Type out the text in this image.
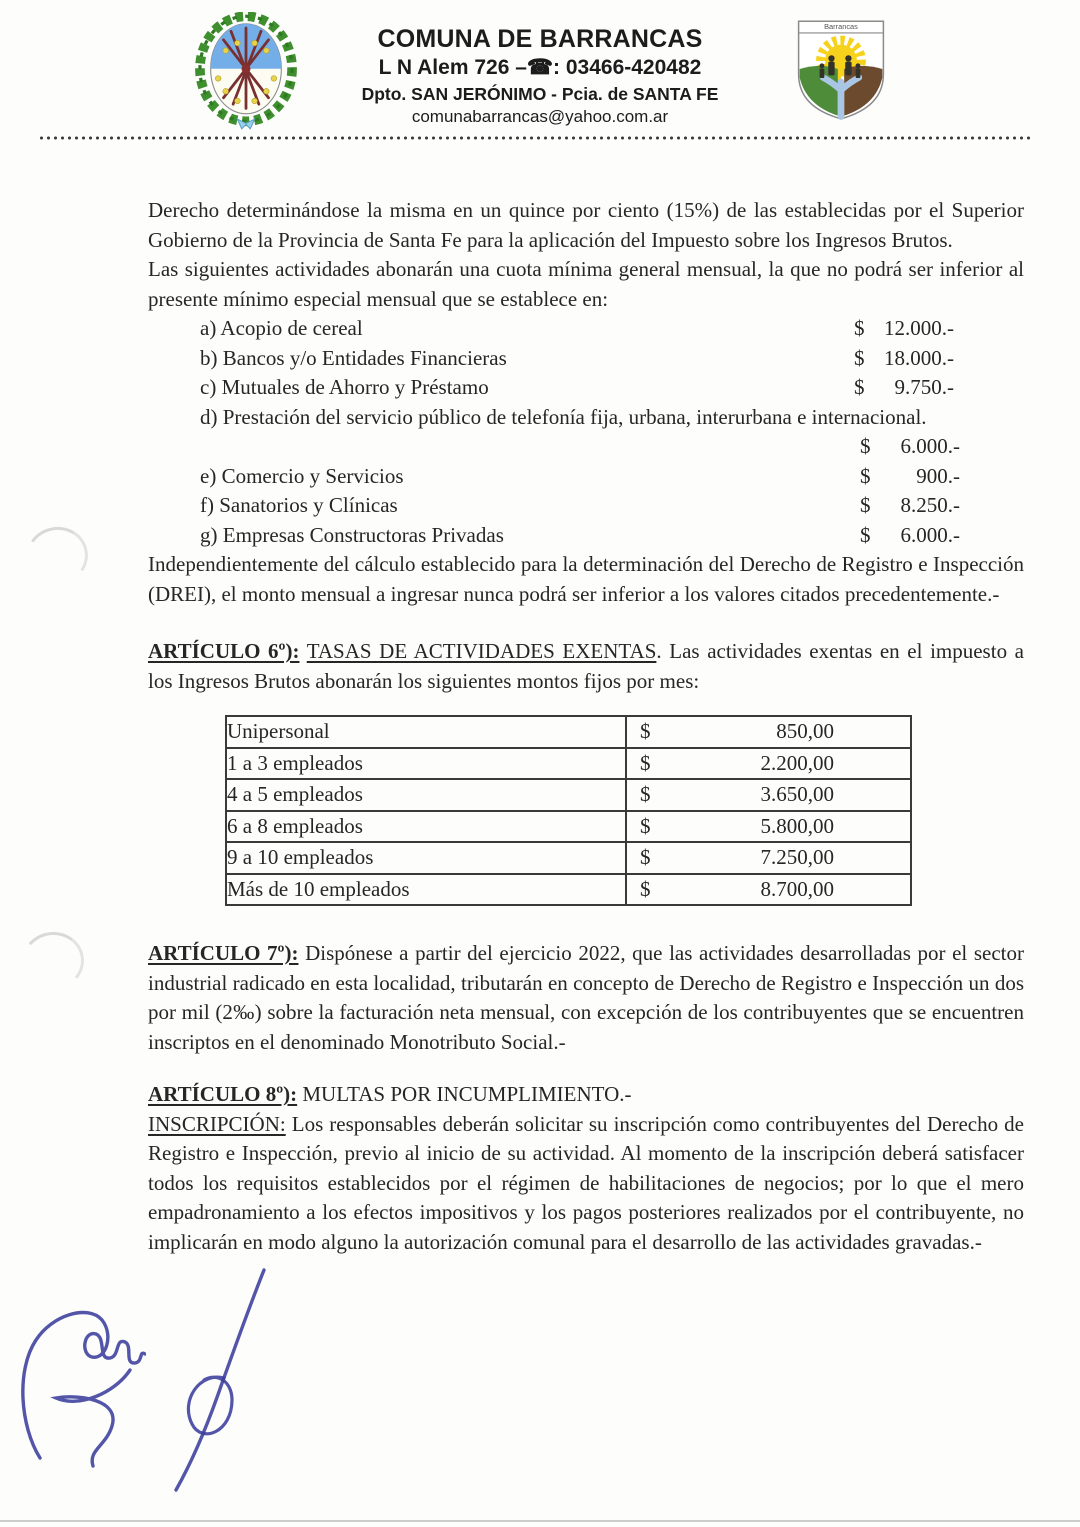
COMUNA DE BARRANCAS
L N Alem 726 –☎: 03466-420482
Dpto. SAN JERÓNIMO - Pcia. de SANTA FE
comunabarrancas@yahoo.com.ar
Barrancas

Derecho determinándose la misma en un quince por ciento (15%) de las establecidas por el Superior Gobierno de la Provincia de Santa Fe para la aplicación del Impuesto sobre los Ingresos Brutos.

Las siguientes actividades abonarán una cuota mínima general mensual, la que no podrá ser inferior al presente mínimo especial mensual que se establece en:

a) Acopio de cereal	$ 12.000.-
b) Bancos y/o Entidades Financieras	$ 18.000.-
c) Mutuales de Ahorro y Préstamo	$ 9.750.-
d) Prestación del servicio público de telefonía fija, urbana, interurbana e internacional.
$ 6.000.-
e) Comercio y Servicios	$ 900.-
f) Sanatorios y Clínicas	$ 8.250.-
g) Empresas Constructoras Privadas	$ 6.000.-

Independientemente del cálculo establecido para la determinación del Derecho de Registro e Inspección (DREI), el monto mensual a ingresar nunca podrá ser inferior a los valores citados precedentemente.-

ARTÍCULO 6º): TASAS DE ACTIVIDADES EXENTAS. Las actividades exentas en el impuesto a los Ingresos Brutos abonarán los siguientes montos fijos por mes:

Unipersonal	$ 850,00

1 a 3 empleados	$ 2.200,00

4 a 5 empleados	$ 3.650,00

6 a 8 empleados	$ 5.800,00

9 a 10 empleados	$ 7.250,00

Más de 10 empleados	$ 8.700,00

ARTÍCULO 7º): Dispónese a partir del ejercicio 2022, que las actividades desarrolladas por el sector industrial radicado en esta localidad, tributarán en concepto de Derecho de Registro e Inspección un dos por mil (2‰) sobre la facturación neta mensual, con excepción de los contribuyentes que se encuentren inscriptos en el denominado Monotributo Social.-

ARTÍCULO 8º): MULTAS POR INCUMPLIMIENTO.-

INSCRIPCIÓN: Los responsables deberán solicitar su inscripción como contribuyentes del Derecho de Registro e Inspección, previo al inicio de su actividad. Al momento de la inscripción deberá satisfacer todos los requisitos establecidos por el régimen de habilitaciones de negocios; por lo que el mero empadronamiento a los efectos impositivos y los pagos posteriores realizados por el contribuyente, no implicarán en modo alguno la autorización comunal para el desarrollo de las actividades gravadas.-
